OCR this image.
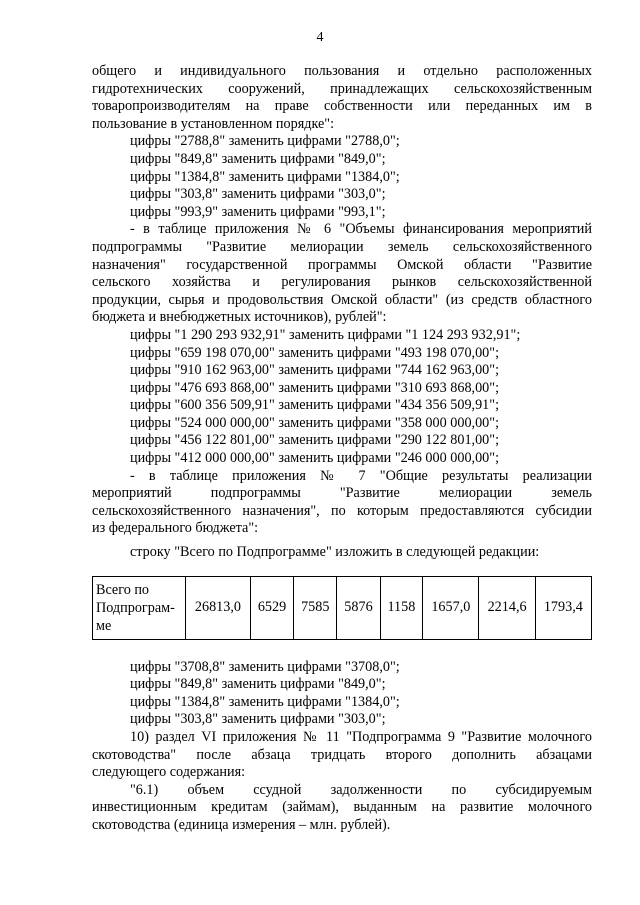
4
общего и индивидуального пользования и отдельно расположенных
гидротехнических сооружений, принадлежащих сельскохозяйственным
товаропроизводителям на праве собственности или переданных им в
пользование в установленном порядке":
цифры "2788,8" заменить цифрами "2788,0";
цифры "849,8" заменить цифрами "849,0";
цифры "1384,8" заменить цифрами "1384,0";
цифры "303,8" заменить цифрами "303,0";
цифры "993,9" заменить цифрами "993,1";
- в таблице приложения № 6 "Объемы финансирования мероприятий
подпрограммы "Развитие мелиорации земель сельскохозяйственного
назначения" государственной программы Омской области "Развитие
сельского хозяйства и регулирования рынков сельскохозяйственной
продукции, сырья и продовольствия Омской области" (из средств областного
бюджета и внебюджетных источников), рублей":
цифры "1 290 293 932,91" заменить цифрами "1 124 293 932,91";
цифры "659 198 070,00" заменить цифрами "493 198 070,00";
цифры "910 162 963,00" заменить цифрами "744 162 963,00";
цифры "476 693 868,00" заменить цифрами "310 693 868,00";
цифры "600 356 509,91" заменить цифрами "434 356 509,91";
цифры "524 000 000,00" заменить цифрами "358 000 000,00";
цифры "456 122 801,00" заменить цифрами "290 122 801,00";
цифры "412 000 000,00" заменить цифрами "246 000 000,00";
- в таблице приложения № 7 "Общие результаты реализации
мероприятий подпрограммы "Развитие мелиорации земель
сельскохозяйственного назначения", по которым предоставляются субсидии
из федерального бюджета":
строку "Всего по Подпрограмме" изложить в следующей редакции:
Всего по
Подпрограм-
ме
	26813,0	6529	7585	5876	1158	1657,0	2214,6	1793,4
цифры "3708,8" заменить цифрами "3708,0";
цифры "849,8" заменить цифрами "849,0";
цифры "1384,8" заменить цифрами "1384,0";
цифры "303,8" заменить цифрами "303,0";
10) раздел VI приложения № 11 "Подпрограмма 9 "Развитие молочного
скотоводства" после абзаца тридцать второго дополнить абзацами
следующего содержания:
"6.1) объем ссудной задолженности по субсидируемым
инвестиционным кредитам (займам), выданным на развитие молочного
скотоводства (единица измерения – млн. рублей).
